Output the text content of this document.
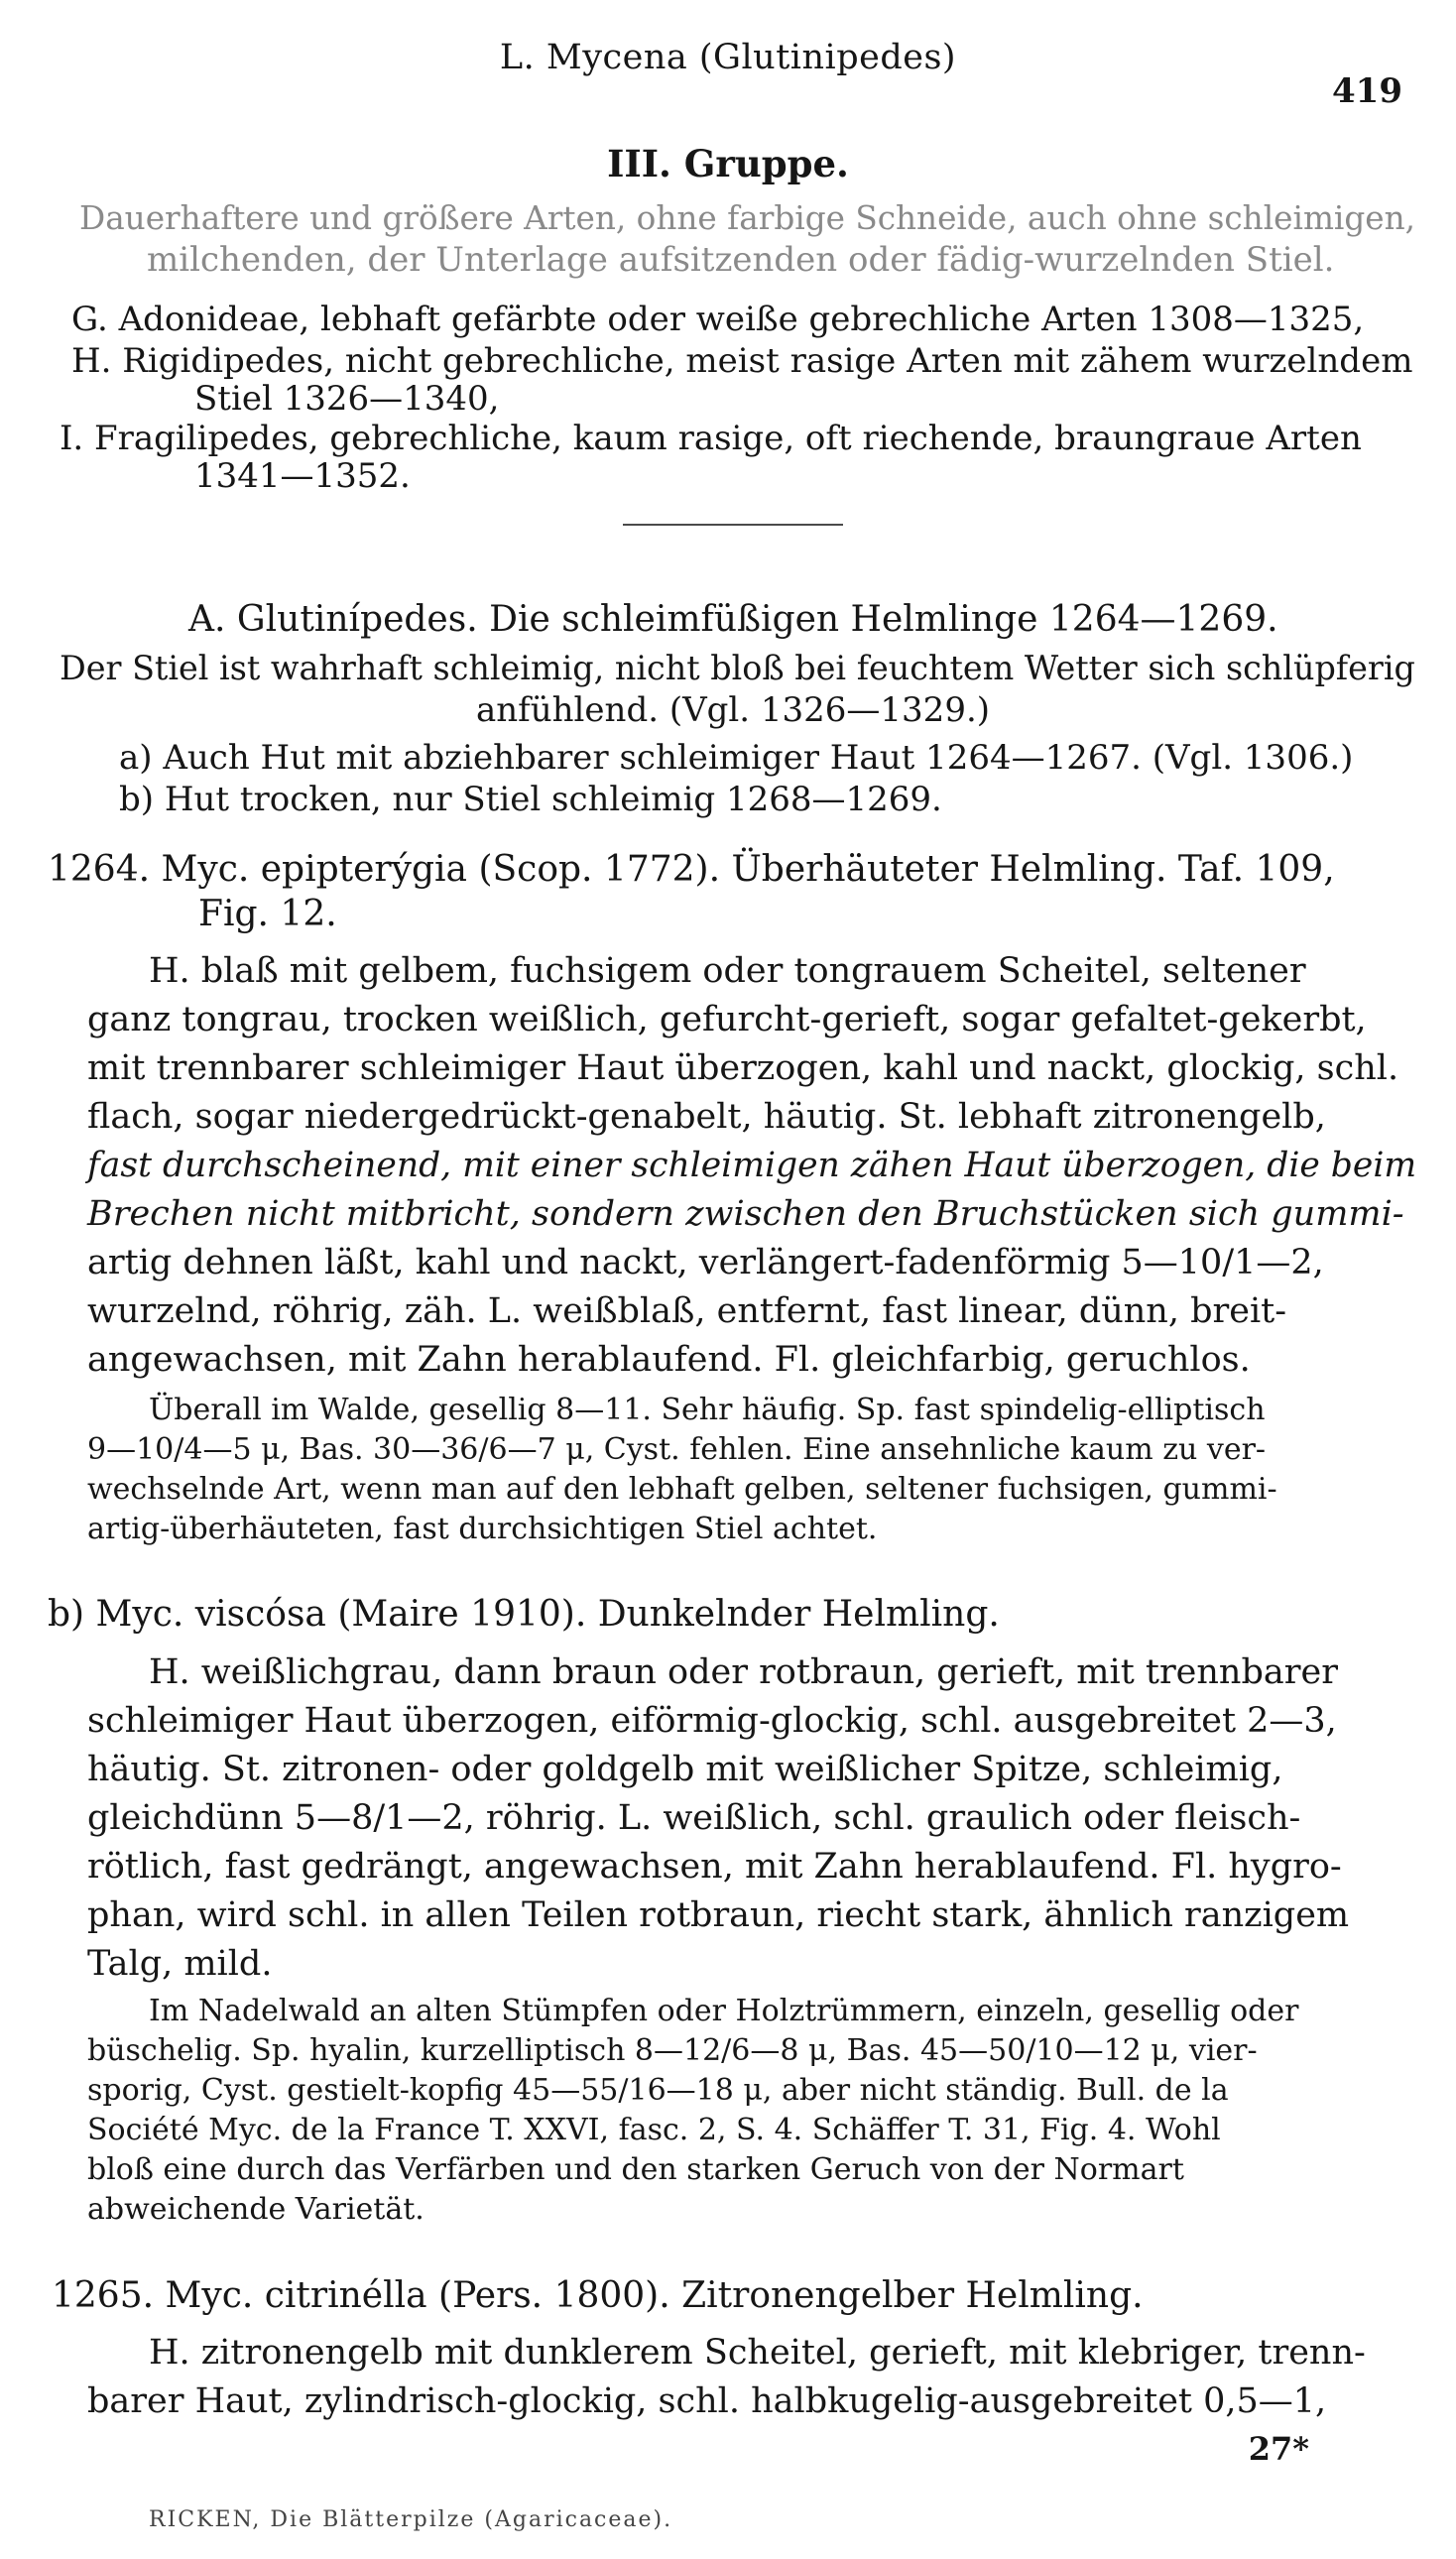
L. Mycena (Glutinipedes)
419
III. Gruppe.
Dauerhaftere und größere Arten, ohne farbige Schneide, auch ohne schleimigen,
milchenden, der Unterlage aufsitzenden oder fädig-wurzelnden Stiel.
G. Adonideae, lebhaft gefärbte oder weiße gebrechliche Arten 1308—1325,
H. Rigidipedes, nicht gebrechliche, meist rasige Arten mit zähem wurzelndem
Stiel 1326—1340,
I. Fragilipedes, gebrechliche, kaum rasige, oft riechende, braungraue Arten
1341—1352.
A. Glutinípedes. Die schleimfüßigen Helmlinge 1264—1269.
Der Stiel ist wahrhaft schleimig, nicht bloß bei feuchtem Wetter sich schlüpferig
anfühlend. (Vgl. 1326—1329.)
a) Auch Hut mit abziehbarer schleimiger Haut 1264—1267. (Vgl. 1306.)
b) Hut trocken, nur Stiel schleimig 1268—1269.
1264. Myc. epipterýgia (Scop. 1772). Überhäuteter Helmling. Taf. 109,
Fig. 12.
H. blaß mit gelbem, fuchsigem oder tongrauem Scheitel, seltener
ganz tongrau, trocken weißlich, gefurcht-gerieft, sogar gefaltet-gekerbt,
mit trennbarer schleimiger Haut überzogen, kahl und nackt, glockig, schl.
flach, sogar niedergedrückt-genabelt, häutig. St. lebhaft zitronengelb,
fast durchscheinend, mit einer schleimigen zähen Haut überzogen, die beim
Brechen nicht mitbricht, sondern zwischen den Bruchstücken sich gummi-
artig dehnen läßt, kahl und nackt, verlängert-fadenförmig 5—10/1—2,
wurzelnd, röhrig, zäh. L. weißblaß, entfernt, fast linear, dünn, breit-
angewachsen, mit Zahn herablaufend. Fl. gleichfarbig, geruchlos.
Überall im Walde, gesellig 8—11. Sehr häufig. Sp. fast spindelig-elliptisch
9—10/4—5 μ, Bas. 30—36/6—7 μ, Cyst. fehlen. Eine ansehnliche kaum zu ver-
wechselnde Art, wenn man auf den lebhaft gelben, seltener fuchsigen, gummi-
artig-überhäuteten, fast durchsichtigen Stiel achtet.
b) Myc. viscósa (Maire 1910). Dunkelnder Helmling.
H. weißlichgrau, dann braun oder rotbraun, gerieft, mit trennbarer
schleimiger Haut überzogen, eiförmig-glockig, schl. ausgebreitet 2—3,
häutig. St. zitronen- oder goldgelb mit weißlicher Spitze, schleimig,
gleichdünn 5—8/1—2, röhrig. L. weißlich, schl. graulich oder fleisch-
rötlich, fast gedrängt, angewachsen, mit Zahn herablaufend. Fl. hygro-
phan, wird schl. in allen Teilen rotbraun, riecht stark, ähnlich ranzigem
Talg, mild.
Im Nadelwald an alten Stümpfen oder Holztrümmern, einzeln, gesellig oder
büschelig. Sp. hyalin, kurzelliptisch 8—12/6—8 μ, Bas. 45—50/10—12 μ, vier-
sporig, Cyst. gestielt-kopfig 45—55/16—18 μ, aber nicht ständig. Bull. de la
Société Myc. de la France T. XXVI, fasc. 2, S. 4. Schäffer T. 31, Fig. 4. Wohl
bloß eine durch das Verfärben und den starken Geruch von der Normart
abweichende Varietät.
1265. Myc. citrinélla (Pers. 1800). Zitronengelber Helmling.
H. zitronengelb mit dunklerem Scheitel, gerieft, mit klebriger, trenn-
barer Haut, zylindrisch-glockig, schl. halbkugelig-ausgebreitet 0,5—1,
27*
RICKEN, Die Blätterpilze (Agaricaceae).
